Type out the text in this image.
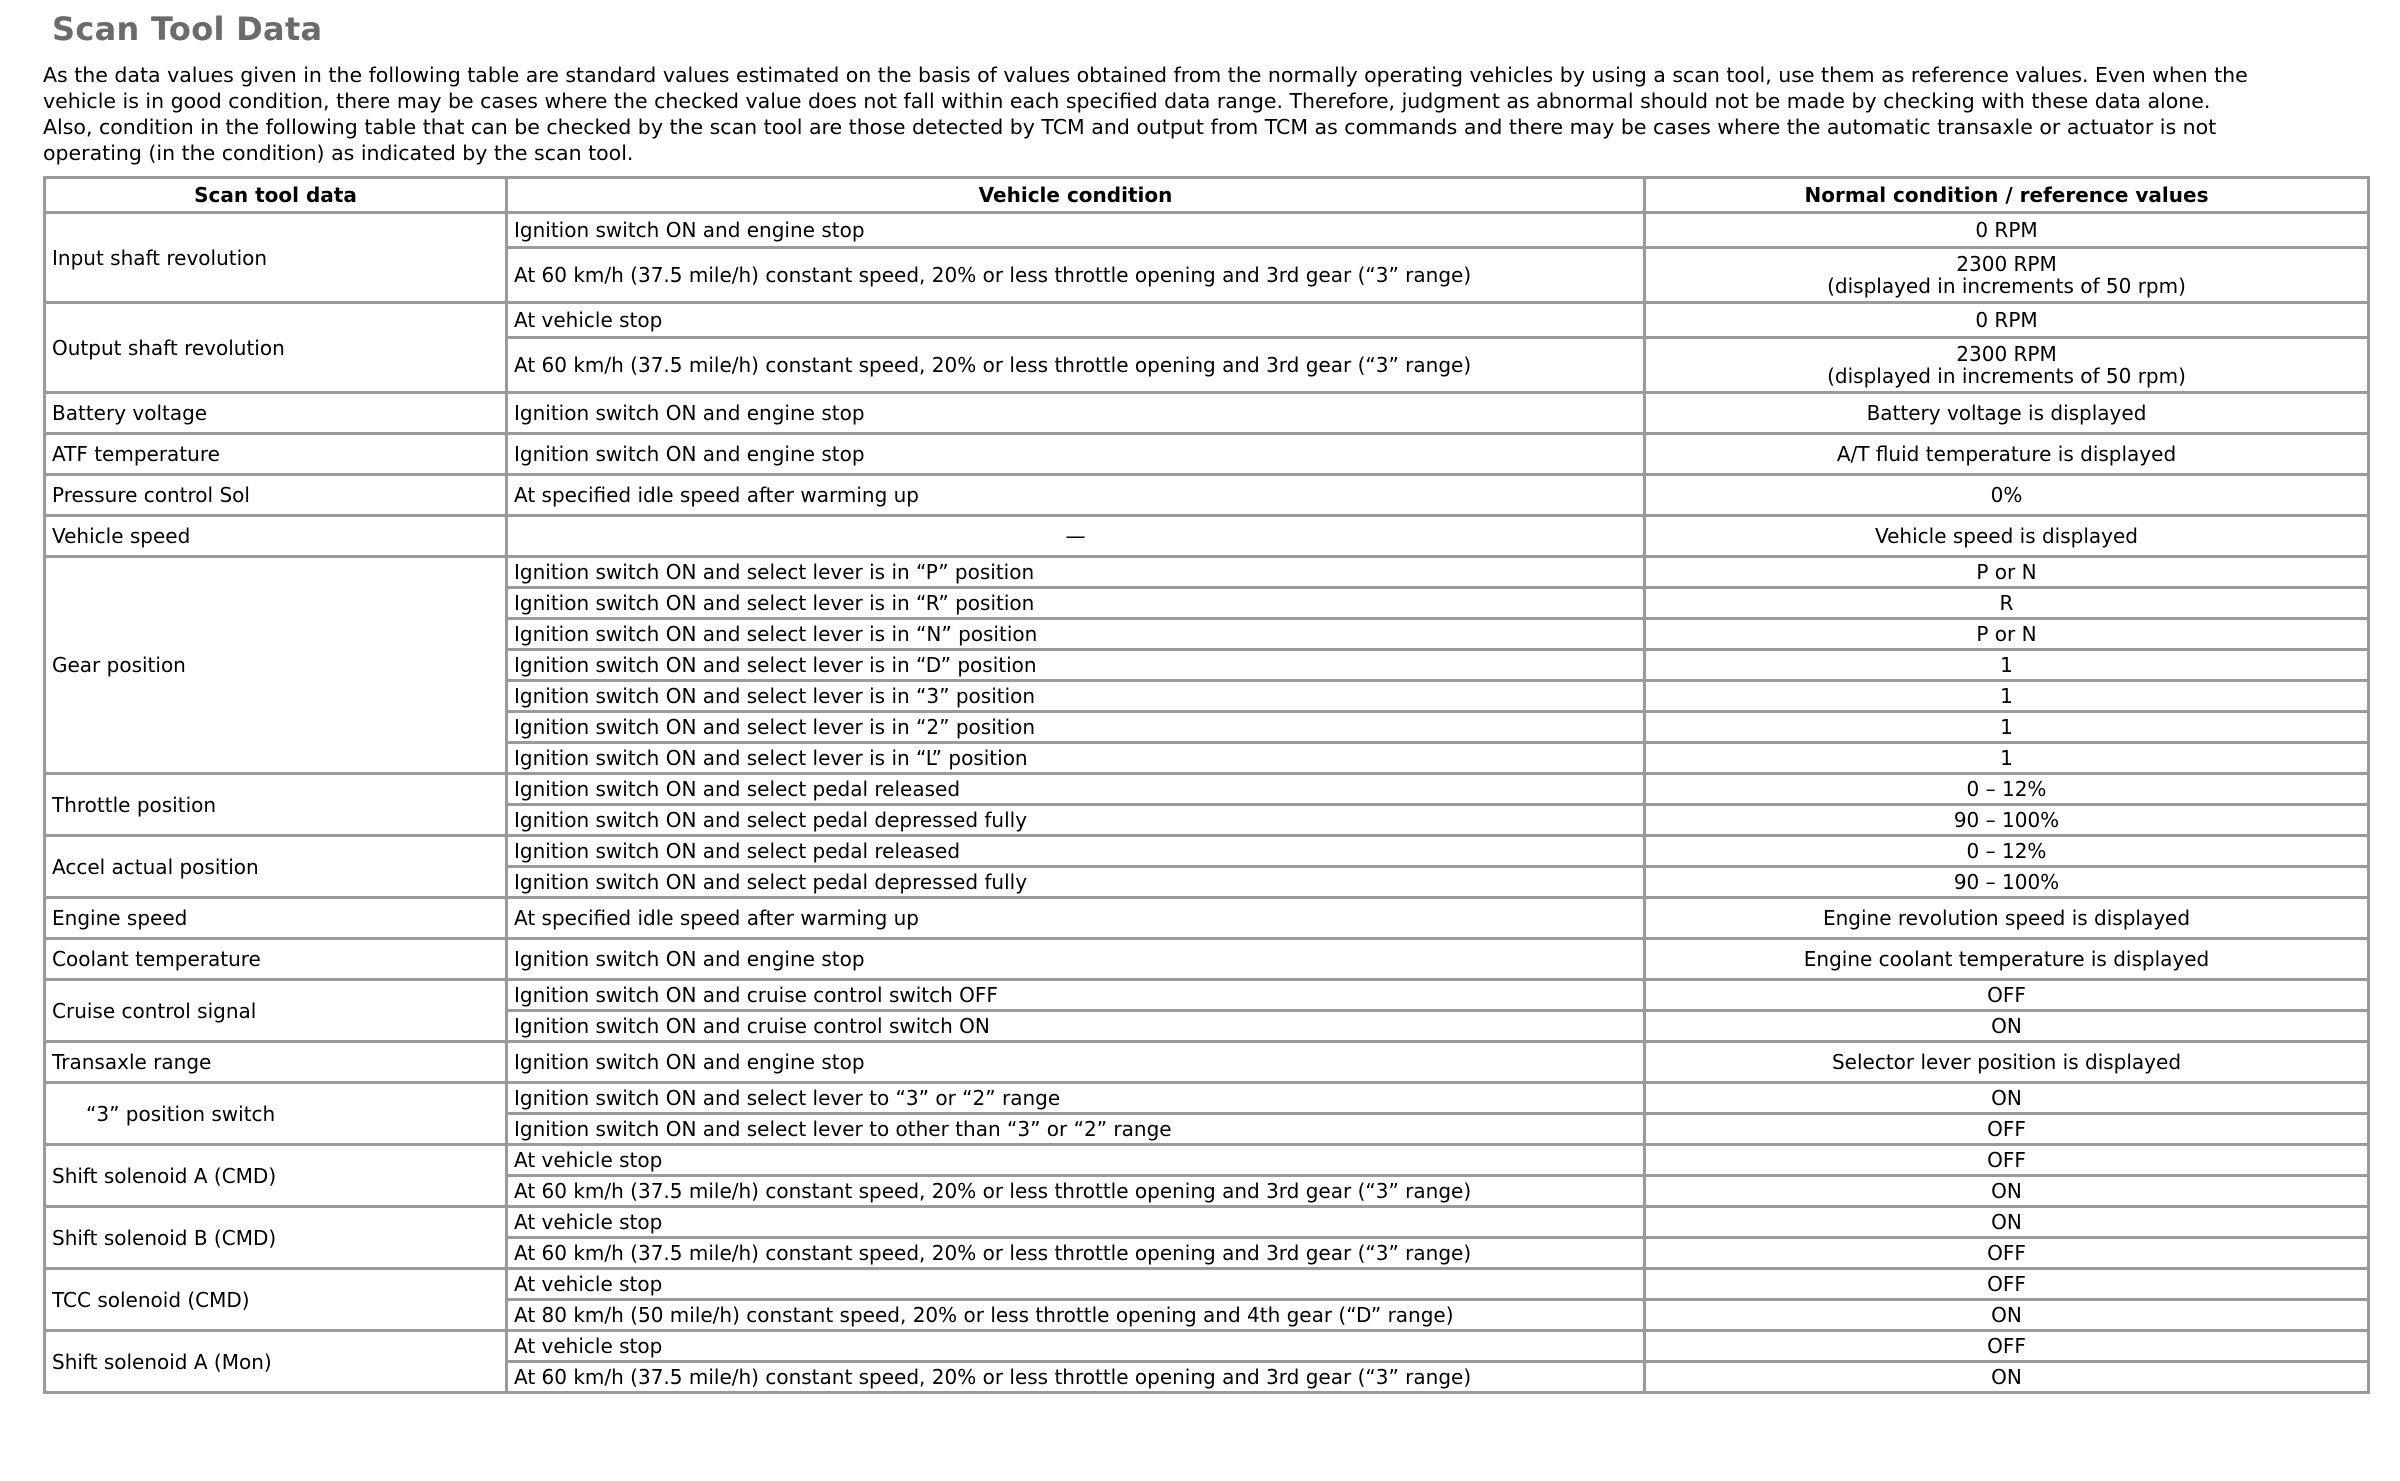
Scan Tool Data
As the data values given in the following table are standard values estimated on the basis of values obtained from the normally operating vehicles by using a scan tool, use them as reference values. Even when the
vehicle is in good condition, there may be cases where the checked value does not fall within each specified data range. Therefore, judgment as abnormal should not be made by checking with these data alone.
Also, condition in the following table that can be checked by the scan tool are those detected by TCM and output from TCM as commands and there may be cases where the automatic transaxle or actuator is not
operating (in the condition) as indicated by the scan tool.
Scan tool data	Vehicle condition	Normal condition / reference values
Input shaft revolution	Ignition switch ON and engine stop	0 RPM
	At 60 km/h (37.5 mile/h) constant speed, 20% or less throttle opening and 3rd gear (“3” range)	2300 RPM
(displayed in increments of 50 rpm)

Output shaft revolution	At vehicle stop	0 RPM
	At 60 km/h (37.5 mile/h) constant speed, 20% or less throttle opening and 3rd gear (“3” range)	2300 RPM
(displayed in increments of 50 rpm)

Battery voltage	Ignition switch ON and engine stop	Battery voltage is displayed
ATF temperature	Ignition switch ON and engine stop	A/T fluid temperature is displayed
Pressure control Sol	At specified idle speed after warming up	0%
Vehicle speed	—	Vehicle speed is displayed
Gear position	Ignition switch ON and select lever is in “P” position	P or N
	Ignition switch ON and select lever is in “R” position	R
	Ignition switch ON and select lever is in “N” position	P or N
	Ignition switch ON and select lever is in “D” position	1
	Ignition switch ON and select lever is in “3” position	1
	Ignition switch ON and select lever is in “2” position	1
	Ignition switch ON and select lever is in “L” position	1
Throttle position	Ignition switch ON and select pedal released	0 – 12%
	Ignition switch ON and select pedal depressed fully	90 – 100%
Accel actual position	Ignition switch ON and select pedal released	0 – 12%
	Ignition switch ON and select pedal depressed fully	90 – 100%
Engine speed	At specified idle speed after warming up	Engine revolution speed is displayed
Coolant temperature	Ignition switch ON and engine stop	Engine coolant temperature is displayed
Cruise control signal	Ignition switch ON and cruise control switch OFF	OFF
	Ignition switch ON and cruise control switch ON	ON
Transaxle range	Ignition switch ON and engine stop	Selector lever position is displayed
“3” position switch	Ignition switch ON and select lever to “3” or “2” range	ON
	Ignition switch ON and select lever to other than “3” or “2” range	OFF
Shift solenoid A (CMD)	At vehicle stop	OFF
	At 60 km/h (37.5 mile/h) constant speed, 20% or less throttle opening and 3rd gear (“3” range)	ON
Shift solenoid B (CMD)	At vehicle stop	ON
	At 60 km/h (37.5 mile/h) constant speed, 20% or less throttle opening and 3rd gear (“3” range)	OFF
TCC solenoid (CMD)	At vehicle stop	OFF
	At 80 km/h (50 mile/h) constant speed, 20% or less throttle opening and 4th gear (“D” range)	ON
Shift solenoid A (Mon)	At vehicle stop	OFF
	At 60 km/h (37.5 mile/h) constant speed, 20% or less throttle opening and 3rd gear (“3” range)	ON
